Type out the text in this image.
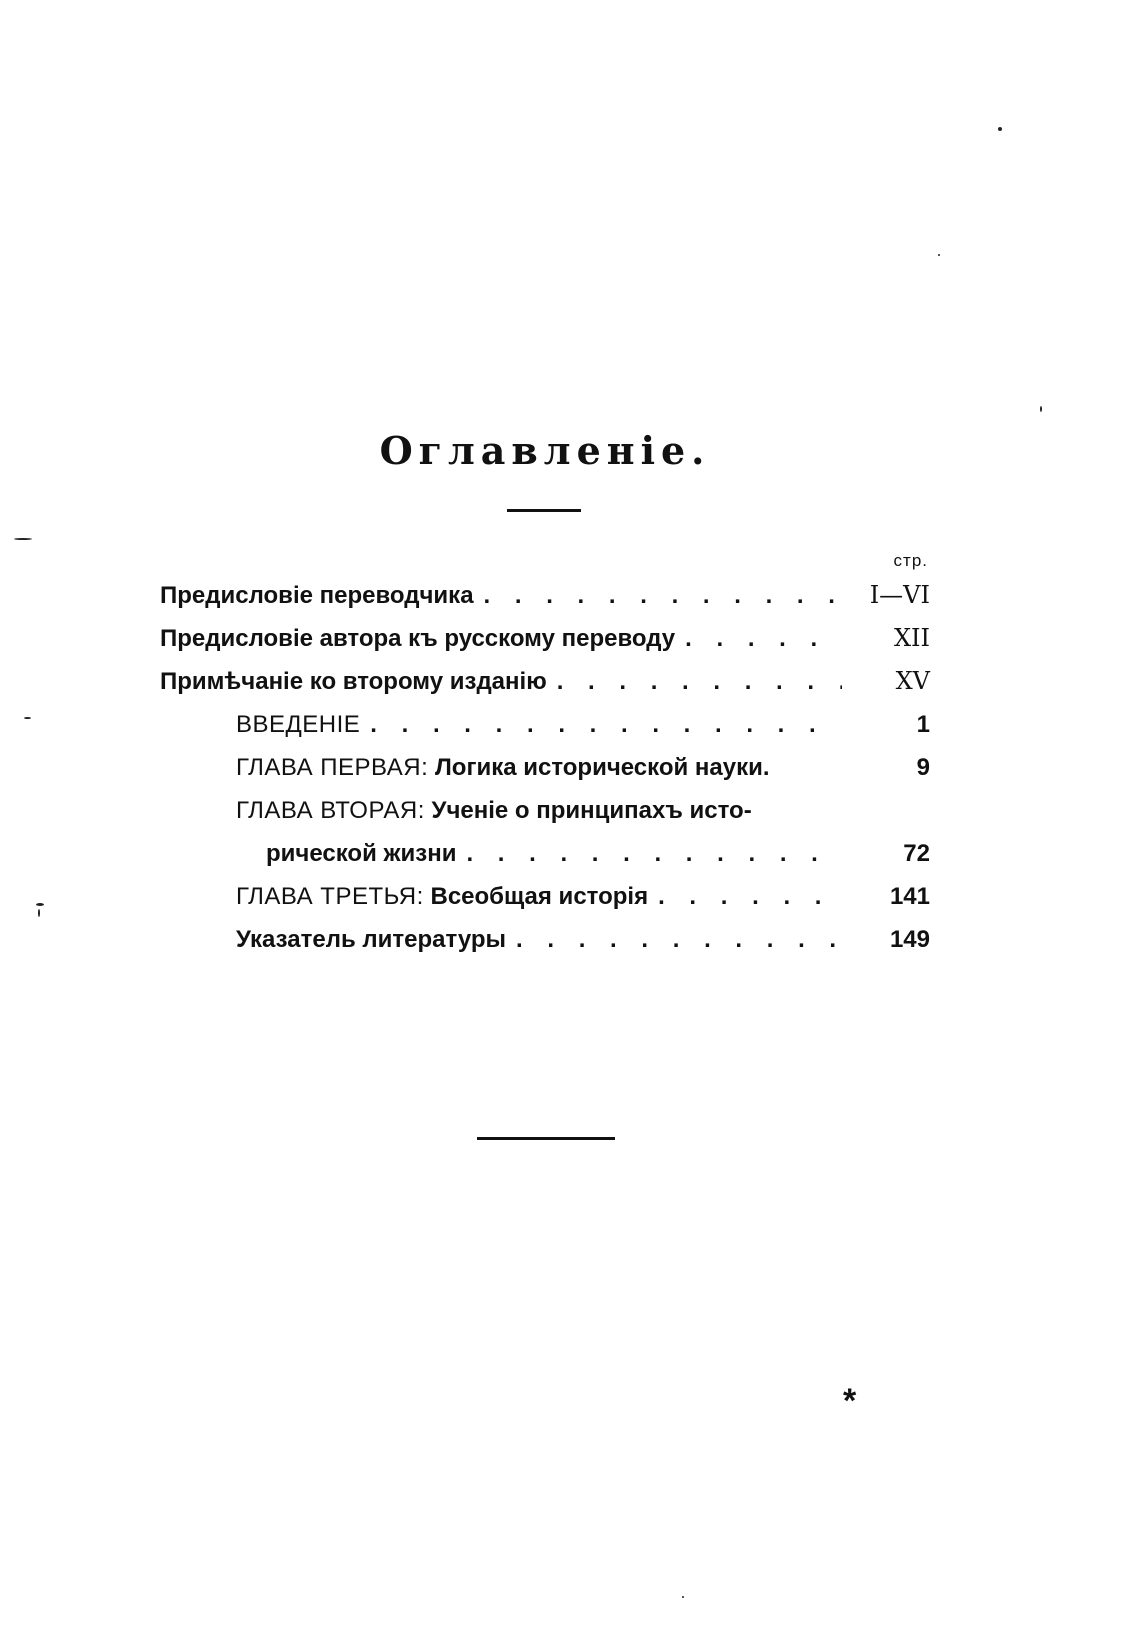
Оглавленіе.
стр.
Предисловіе переводчика . . .	I—VI
Предисловіе автора къ русскому переводу . . .	XII
Примѣчаніе ко второму изданію . . .	XV
ВВЕДЕНІЕ . . .	1
ГЛАВА ПЕРВАЯ: Логика исторической науки.	9
ГЛАВА ВТОРАЯ: Ученіе о принципахъ исто-
рической жизни . . .	72
ГЛАВА ТРЕТЬЯ: Всеобщая исторія . . .	141
Указатель литературы . . .	149
*
